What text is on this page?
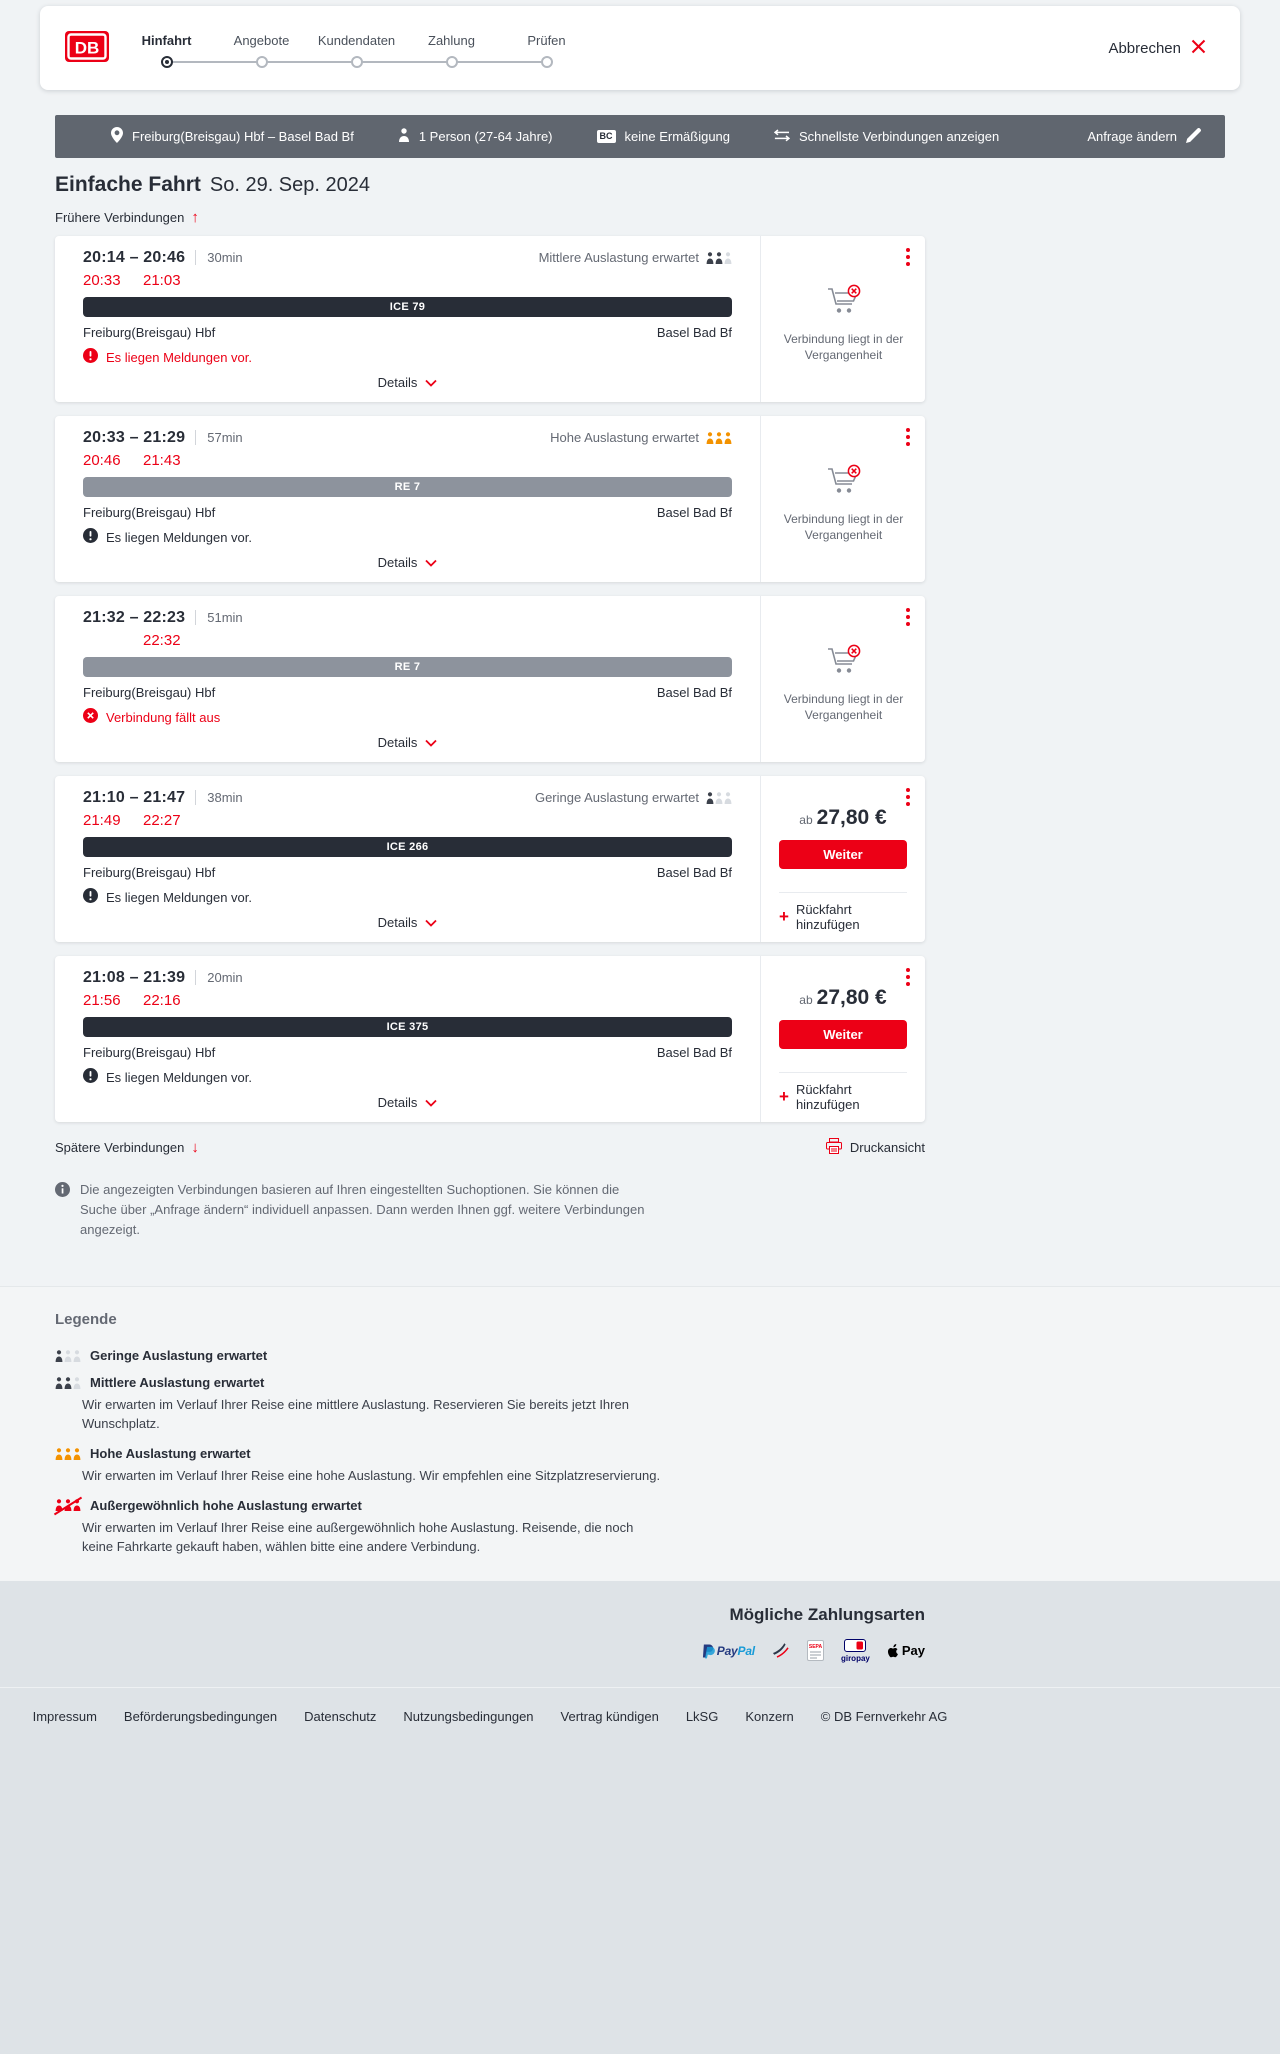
DB	Hinfahrt	Angebote Kundendaten	Zahlung	Prüfen	Abbrechen
Freiburg(Breisgau) Hbf – Basel Bad Bf	1 Person (27-64 Jahre)	BC keine Ermäßigung	Schnellste Verbindungen anzeigen	Anfrage ändern
Einfache Fahrt So. 29. Sep. 2024
Frühere Verbindungen ↑
20:14 – 20:46	30min	Mittlere Auslastung erwartet
20:33	21:03
ICE 79
Freiburg(Breisgau) Hbf	Basel Bad Bf
Es liegen Meldungen vor.
Details
Verbindung liegt in der Vergangenheit
20:33 – 21:29	57min	Hohe Auslastung erwartet
20:46	21:43
RE 7
Freiburg(Breisgau) Hbf	Basel Bad Bf
Es liegen Meldungen vor.
Details
Verbindung liegt in der Vergangenheit
21:32 – 22:23	51min
22:32
RE 7
Freiburg(Breisgau) Hbf	Basel Bad Bf
Verbindung fällt aus
Details
Verbindung liegt in der Vergangenheit
21:10 – 21:47	38min	Geringe Auslastung erwartet
21:49	22:27
ICE 266
Freiburg(Breisgau) Hbf	Basel Bad Bf
Es liegen Meldungen vor.
Details
ab 27,80 €
Weiter
+ Rückfahrt hinzufügen
21:08 – 21:39	20min
21:56	22:16
ICE 375
Freiburg(Breisgau) Hbf	Basel Bad Bf
Es liegen Meldungen vor.
Details
ab 27,80 €
Weiter
+ Rückfahrt hinzufügen
Spätere Verbindungen ↓	Druckansicht
Die angezeigten Verbindungen basieren auf Ihren eingestellten Suchoptionen. Sie können die Suche über „Anfrage ändern“ individuell anpassen. Dann werden Ihnen ggf. weitere Verbindungen angezeigt.
Legende
Geringe Auslastung erwartet
Mittlere Auslastung erwartet

Wir erwarten im Verlauf Ihrer Reise eine mittlere Auslastung. Reservieren Sie bereits jetzt Ihren Wunschplatz.

Hohe Auslastung erwartet

Wir erwarten im Verlauf Ihrer Reise eine hohe Auslastung. Wir empfehlen eine Sitzplatzreservierung.

Außergewöhnlich hohe Auslastung erwartet

Wir erwarten im Verlauf Ihrer Reise eine außergewöhnlich hohe Auslastung. Reisende, die noch keine Fahrkarte gekauft haben, wählen bitte eine andere Verbindung.

Mögliche Zahlungsarten
PayPal	SEPA
giropay Pay
Impressum Beförderungsbedingungen Datenschutz Nutzungsbedingungen Vertrag kündigen LkSG Konzern © DB Fernverkehr AG
